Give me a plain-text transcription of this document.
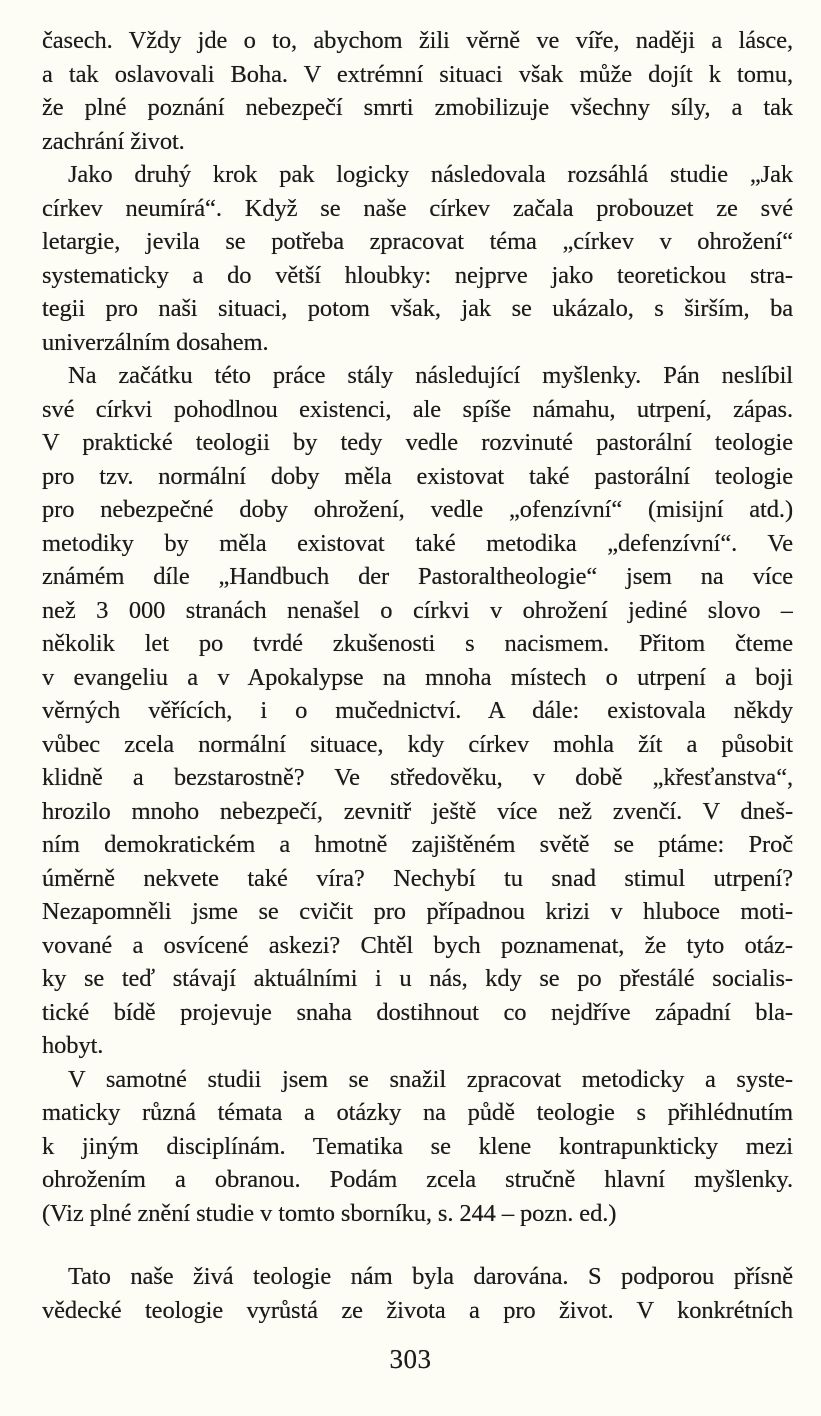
časech. Vždy jde o to, abychom žili věrně ve víře, naději a lásce,
a tak oslavovali Boha. V extrémní situaci však může dojít k tomu,
že plné poznání nebezpečí smrti zmobilizuje všechny síly, a tak
zachrání život.
Jako druhý krok pak logicky následovala rozsáhlá studie „Jak
církev neumírá“. Když se naše církev začala probouzet ze své
letargie, jevila se potřeba zpracovat téma „církev v ohrožení“
systematicky a do větší hloubky: nejprve jako teoretickou stra-
tegii pro naši situaci, potom však, jak se ukázalo, s širším, ba
univerzálním dosahem.
Na začátku této práce stály následující myšlenky. Pán neslíbil
své církvi pohodlnou existenci, ale spíše námahu, utrpení, zápas.
V praktické teologii by tedy vedle rozvinuté pastorální teologie
pro tzv. normální doby měla existovat také pastorální teologie
pro nebezpečné doby ohrožení, vedle „ofenzívní“ (misijní atd.)
metodiky by měla existovat také metodika „defenzívní“. Ve
známém díle „Handbuch der Pastoraltheologie“ jsem na více
než 3 000 stranách nenašel o církvi v ohrožení jediné slovo –
několik let po tvrdé zkušenosti s nacismem. Přitom čteme
v evangeliu a v Apokalypse na mnoha místech o utrpení a boji
věrných věřících, i o mučednictví. A dále: existovala někdy
vůbec zcela normální situace, kdy církev mohla žít a působit
klidně a bezstarostně? Ve středověku, v době „křesťanstva“,
hrozilo mnoho nebezpečí, zevnitř ještě více než zvenčí. V dneš-
ním demokratickém a hmotně zajištěném světě se ptáme: Proč
úměrně nekvete také víra? Nechybí tu snad stimul utrpení?
Nezapomněli jsme se cvičit pro případnou krizi v hluboce moti-
vované a osvícené askezi? Chtěl bych poznamenat, že tyto otáz-
ky se teď stávají aktuálními i u nás, kdy se po přestálé socialis-
tické bídě projevuje snaha dostihnout co nejdříve západní bla-
hobyt.
V samotné studii jsem se snažil zpracovat metodicky a syste-
maticky různá témata a otázky na půdě teologie s přihlédnutím
k jiným disciplínám. Tematika se klene kontrapunkticky mezi
ohrožením a obranou. Podám zcela stručně hlavní myšlenky.
(Viz plné znění studie v tomto sborníku, s. 244 – pozn. ed.)
Tato naše živá teologie nám byla darována. S podporou přísně
vědecké teologie vyrůstá ze života a pro život. V konkrétních
303
